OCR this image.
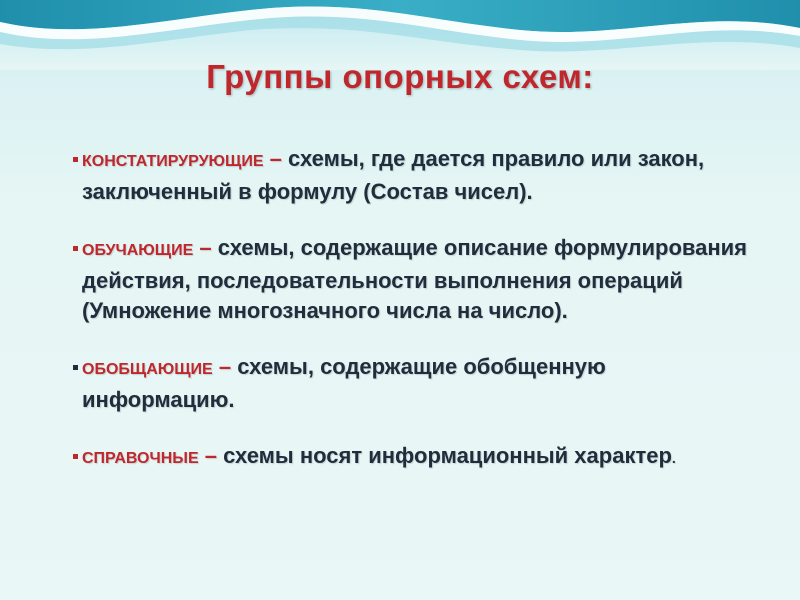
Группы опорных схем:
КОНСТАТИРУРУЮЩИЕ – схемы, где дается правило или закон, заключенный в формулу (Состав чисел).
ОБУЧАЮЩИЕ – схемы, содержащие описание формулирования действия, последовательности выполнения операций (Умножение многозначного числа на число).
ОБОБЩАЮЩИЕ – схемы, содержащие обобщенную информацию.
СПРАВОЧНЫЕ – схемы носят информационный характер.
